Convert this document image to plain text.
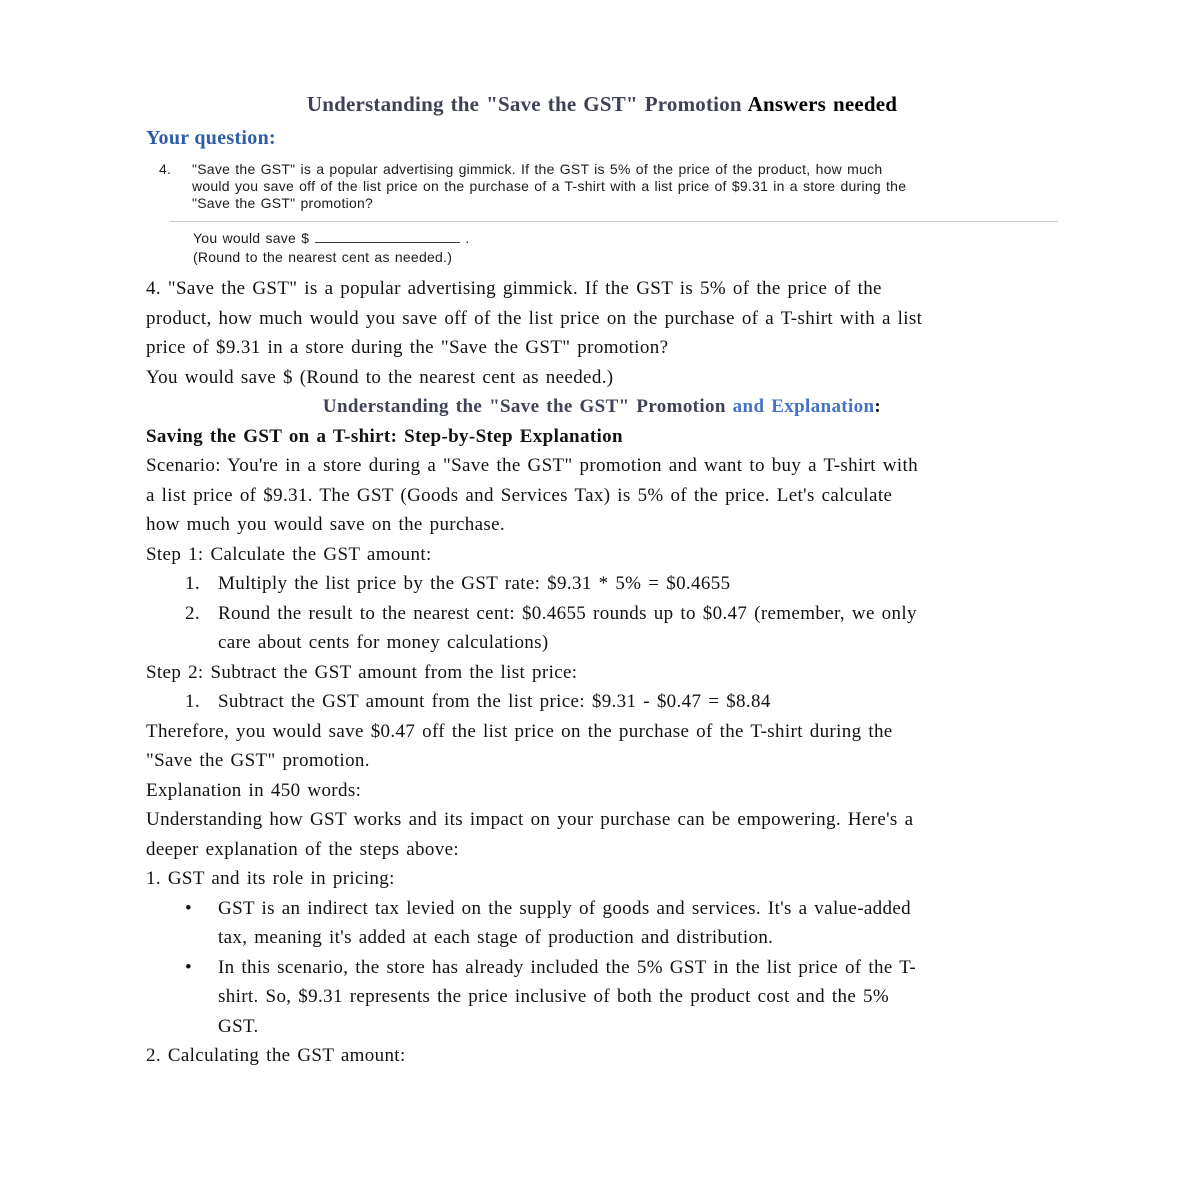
Understanding the "Save the GST" Promotion Answers needed
Your question:
4. "Save the GST" is a popular advertising gimmick. If the GST is 5% of the price of the product, how much
would you save off of the list price on the purchase of a T-shirt with a list price of $9.31 in a store during the
"Save the GST" promotion?
You would save $	.
(Round to the nearest cent as needed.)
4. "Save the GST" is a popular advertising gimmick. If the GST is 5% of the price of the
product, how much would you save off of the list price on the purchase of a T-shirt with a list
price of $9.31 in a store during the "Save the GST" promotion?
You would save $ (Round to the nearest cent as needed.)
Understanding the "Save the GST" Promotion and Explanation:
Saving the GST on a T-shirt: Step-by-Step Explanation
Scenario: You're in a store during a "Save the GST" promotion and want to buy a T-shirt with
a list price of $9.31. The GST (Goods and Services Tax) is 5% of the price. Let's calculate
how much you would save on the purchase.
Step 1: Calculate the GST amount:
1. Multiply the list price by the GST rate: $9.31 * 5% = $0.4655
2. Round the result to the nearest cent: $0.4655 rounds up to $0.47 (remember, we only
care about cents for money calculations)
Step 2: Subtract the GST amount from the list price:
1. Subtract the GST amount from the list price: $9.31 - $0.47 = $8.84
Therefore, you would save $0.47 off the list price on the purchase of the T-shirt during the
"Save the GST" promotion.
Explanation in 450 words:
Understanding how GST works and its impact on your purchase can be empowering. Here's a
deeper explanation of the steps above:
1. GST and its role in pricing:
• GST is an indirect tax levied on the supply of goods and services. It's a value-added
tax, meaning it's added at each stage of production and distribution.
• In this scenario, the store has already included the 5% GST in the list price of the T-
shirt. So, $9.31 represents the price inclusive of both the product cost and the 5%
GST.
2. Calculating the GST amount:
